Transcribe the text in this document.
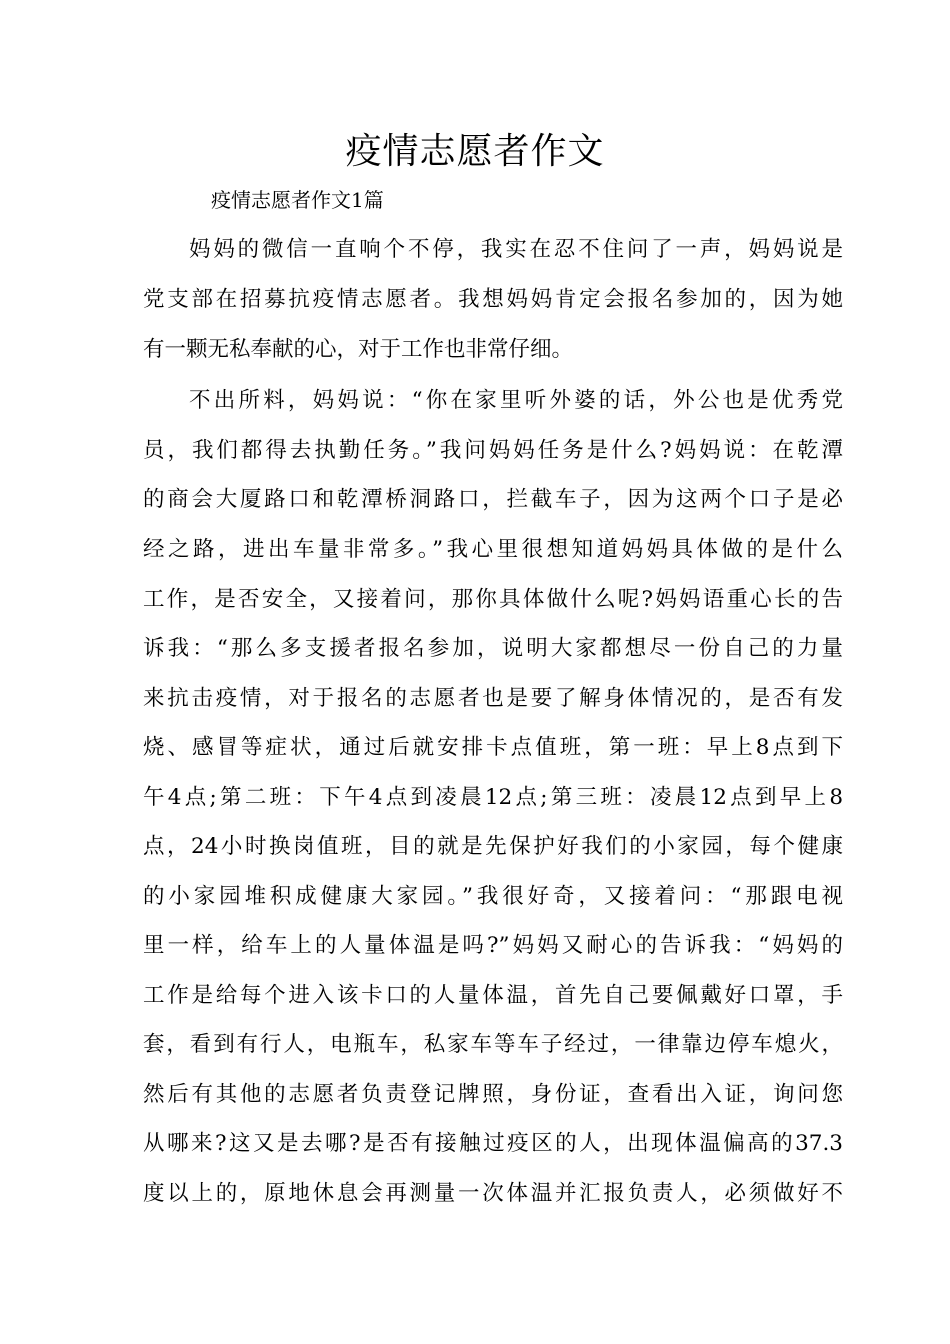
疫情志愿者作文

疫情志愿者作文1篇

妈妈的微信一直响个不停，我实在忍不住问了一声，妈妈说是

党支部在招募抗疫情志愿者。我想妈妈肯定会报名参加的，因为她

有一颗无私奉献的心，对于工作也非常仔细。

不出所料，妈妈说：“你在家里听外婆的话，外公也是优秀党

员，我们都得去执勤任务。”我问妈妈任务是什么?妈妈说：在乾潭

的商会大厦路口和乾潭桥洞路口，拦截车子，因为这两个口子是必

经之路，进出车量非常多。”我心里很想知道妈妈具体做的是什么

工作，是否安全，又接着问，那你具体做什么呢?妈妈语重心长的告

诉我：“那么多支援者报名参加，说明大家都想尽一份自己的力量

来抗击疫情，对于报名的志愿者也是要了解身体情况的，是否有发

烧、感冒等症状，通过后就安排卡点值班，第一班：早上8点到下

午4点;第二班：下午4点到凌晨12点;第三班：凌晨12点到早上8

点，24小时换岗值班，目的就是先保护好我们的小家园，每个健康

的小家园堆积成健康大家园。”我很好奇，又接着问：“那跟电视

里一样，给车上的人量体温是吗?”妈妈又耐心的告诉我：“妈妈的

工作是给每个进入该卡口的人量体温，首先自己要佩戴好口罩，手

套，看到有行人，电瓶车，私家车等车子经过，一律靠边停车熄火，

然后有其他的志愿者负责登记牌照，身份证，查看出入证，询问您

从哪来?这又是去哪?是否有接触过疫区的人，出现体温偏高的37.3

度以上的，原地休息会再测量一次体温并汇报负责人，必须做好不
